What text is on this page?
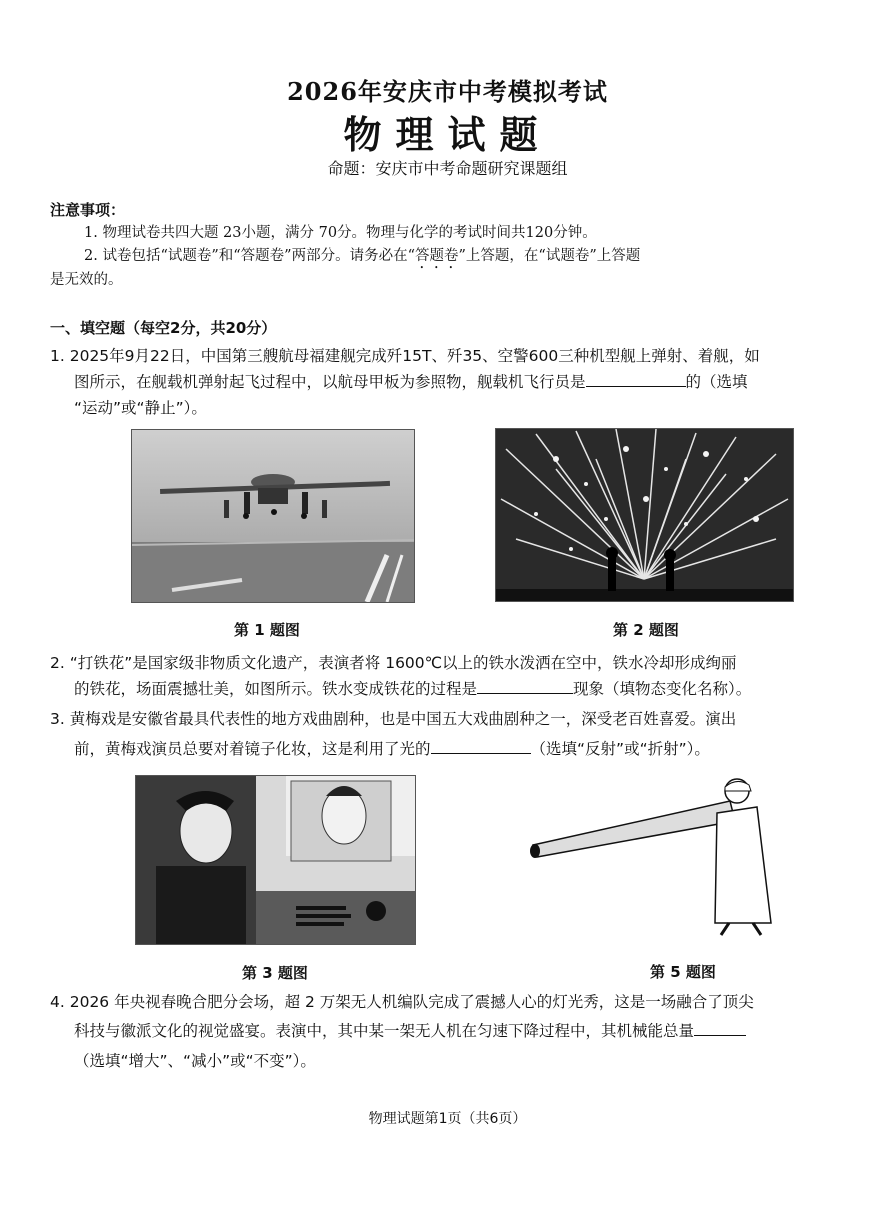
2026年安庆市中考模拟考试
物理试题
命题：安庆市中考命题研究课题组
注意事项：
1. 物理试卷共四大题 23小题，满分 70分。物理与化学的考试时间共120分钟。
2. 试卷包括“试题卷”和“答题卷”两部分。请务必在“答题卷”上答题，在“试题卷”上答题
是无效的。
一、填空题（每空2分，共20分）
1. 2025年9月22日，中国第三艘航母福建舰完成歼15T、歼35、空警600三种机型舰上弹射、着舰，如
图所示，在舰载机弹射起飞过程中，以航母甲板为参照物，舰载机飞行员是	的（选填
“运动”或“静止”）。
第 1 题图	第 2 题图
2. “打铁花”是国家级非物质文化遗产，表演者将 1600℃以上的铁水泼洒在空中，铁水冷却形成绚丽
的铁花，场面震撼壮美，如图所示。铁水变成铁花的过程是	现象（填物态变化名称）。
3. 黄梅戏是安徽省最具代表性的地方戏曲剧种，也是中国五大戏曲剧种之一，深受老百姓喜爱。演出
前，黄梅戏演员总要对着镜子化妆，这是利用了光的	（选填“反射”或“折射”）。
第 3 题图	第 5 题图
4. 2026 年央视春晚合肥分会场，超 2 万架无人机编队完成了震撼人心的灯光秀，这是一场融合了顶尖
科技与徽派文化的视觉盛宴。表演中，其中某一架无人机在匀速下降过程中，其机械能总量
（选填“增大”、“减小”或“不变”）。
物理试题第1页（共6页）
